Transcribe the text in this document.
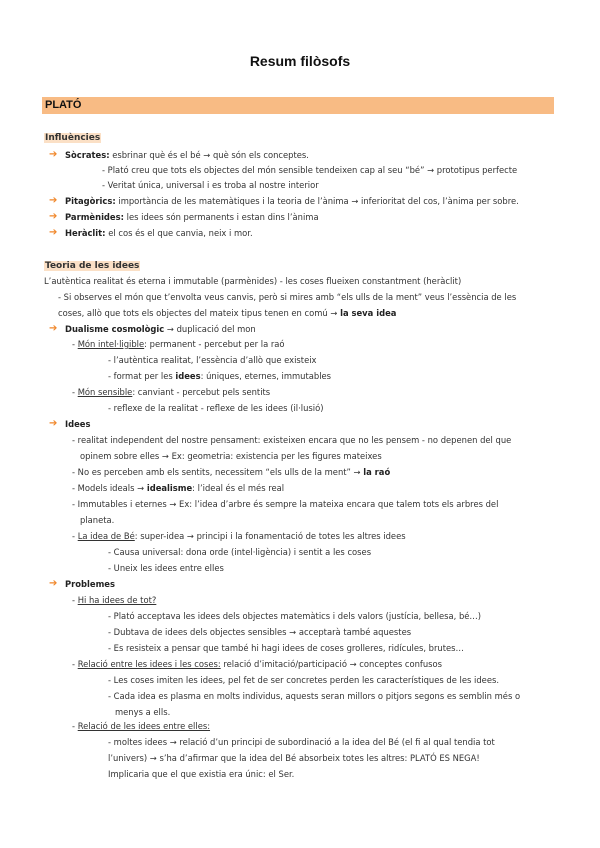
Resum filòsofs
PLATÓ
Influències
➔ Sòcrates: esbrinar què és el bé → què són els conceptes.
- Plató creu que tots els objectes del món sensible tendeixen cap al seu “bé” → prototipus perfecte
- Veritat única, universal i es troba al nostre interior
➔ Pitagòrics: importància de les matemàtiques i la teoria de l’ànima → inferioritat del cos, l’ànima per sobre.
➔ Parmènides: les idees són permanents i estan dins l’ànima
➔ Heràclit: el cos és el que canvia, neix i mor.
Teoria de les idees
L’autèntica realitat és eterna i immutable (parmènides) - les coses flueixen constantment (heràclit)
- Si observes el món que t’envolta veus canvis, però si mires amb “els ulls de la ment” veus l’essència de les
coses, allò que tots els objectes del mateix tipus tenen en comú → la seva idea
➔ Dualisme cosmològic → duplicació del mon
- Món intel·ligible: permanent - percebut per la raó
- l’autèntica realitat, l’essència d’allò que existeix
- format per les idees: úniques, eternes, immutables
- Món sensible: canviant - percebut pels sentits
- reflexe de la realitat - reflexe de les idees (il·lusió)
➔ Idees
- realitat independent del nostre pensament: existeixen encara que no les pensem - no depenen del que
opinem sobre elles → Ex: geometria: existencia per les figures mateixes
- No es perceben amb els sentits, necessitem “els ulls de la ment” → la raó
- Models ideals → idealisme: l’ideal és el més real
- Immutables i eternes → Ex: l’idea d’arbre és sempre la mateixa encara que talem tots els arbres del
planeta.
- La idea de Bé: super-idea → principi i la fonamentació de totes les altres idees
- Causa universal: dona orde (intel·ligència) i sentit a les coses
- Uneix les idees entre elles
➔ Problemes
- Hi ha idees de tot?
- Plató acceptava les idees dels objectes matemàtics i dels valors (justícia, bellesa, bé…)
- Dubtava de idees dels objectes sensibles → acceptarà també aquestes
- Es resisteix a pensar que també hi hagi idees de coses grolleres, ridícules, brutes…
- Relació entre les idees i les coses: relació d’imitació/participació → conceptes confusos
- Les coses imiten les idees, pel fet de ser concretes perden les característiques de les idees.
- Cada idea es plasma en molts individus, aquests seran millors o pitjors segons es semblin més o
menys a ells.
- Relació de les idees entre elles:
- moltes idees → relació d’un principi de subordinació a la idea del Bé (el fi al qual tendia tot
l’univers) → s’ha d’afirmar que la idea del Bé absorbeix totes les altres: PLATÓ ES NEGA!
Implicaria que el que existia era únic: el Ser.
